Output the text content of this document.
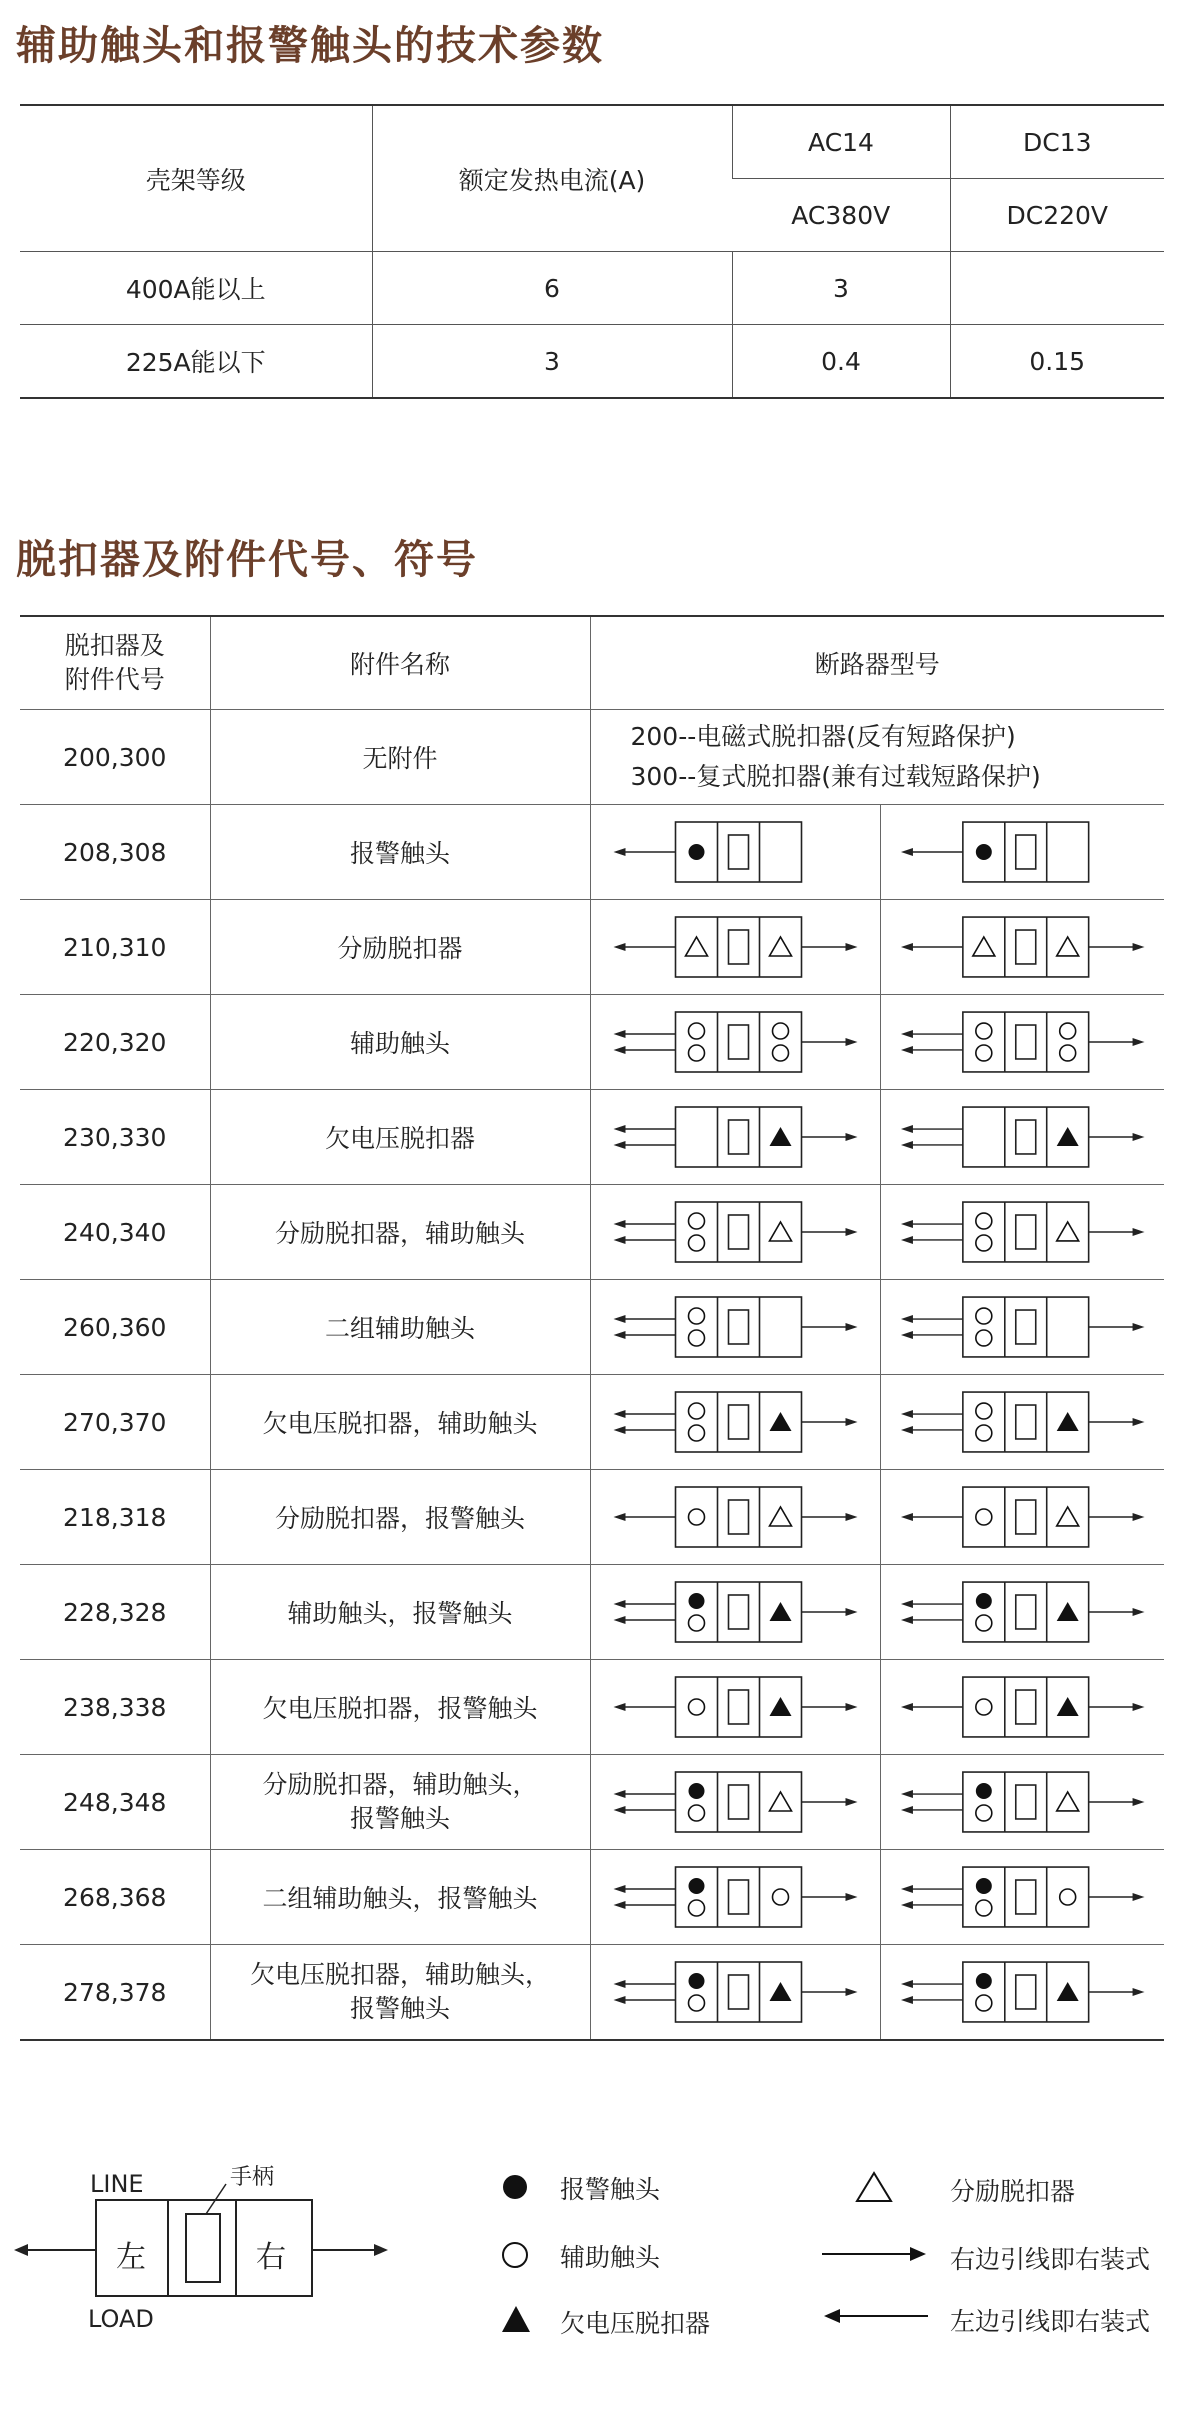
辅助触头和报警触头的技术参数
壳架等级	额定发热电流(A)	AC14	DC13
		AC380V	DC220V
400A能以上	6	3	
225A能以下	3	0.4	0.15
脱扣器及附件代号、符号
脱扣器及
附件代号	附件名称	断路器型号	
200,300	无附件	200--电磁式脱扣器(反有短路保护)
300--复式脱扣器(兼有过载短路保护)	

208,308	报警触头	

210,310	分励脱扣器	

220,320	辅助触头	

230,330	欠电压脱扣器	

240,340	分励脱扣器，辅助触头	

260,360	二组辅助触头	

270,370	欠电压脱扣器，辅助触头	

218,318	分励脱扣器，报警触头	

228,328	辅助触头，报警触头	

238,338	欠电压脱扣器，报警触头	

248,348	分励脱扣器，辅助触头，
报警触头

268,368	二组辅助触头，报警触头	

278,378	欠电压脱扣器，辅助触头，
报警触头

LINE
LOAD
手柄
左	右
报警触头
辅助触头
欠电压脱扣器
分励脱扣器
右边引线即右装式
左边引线即右装式
